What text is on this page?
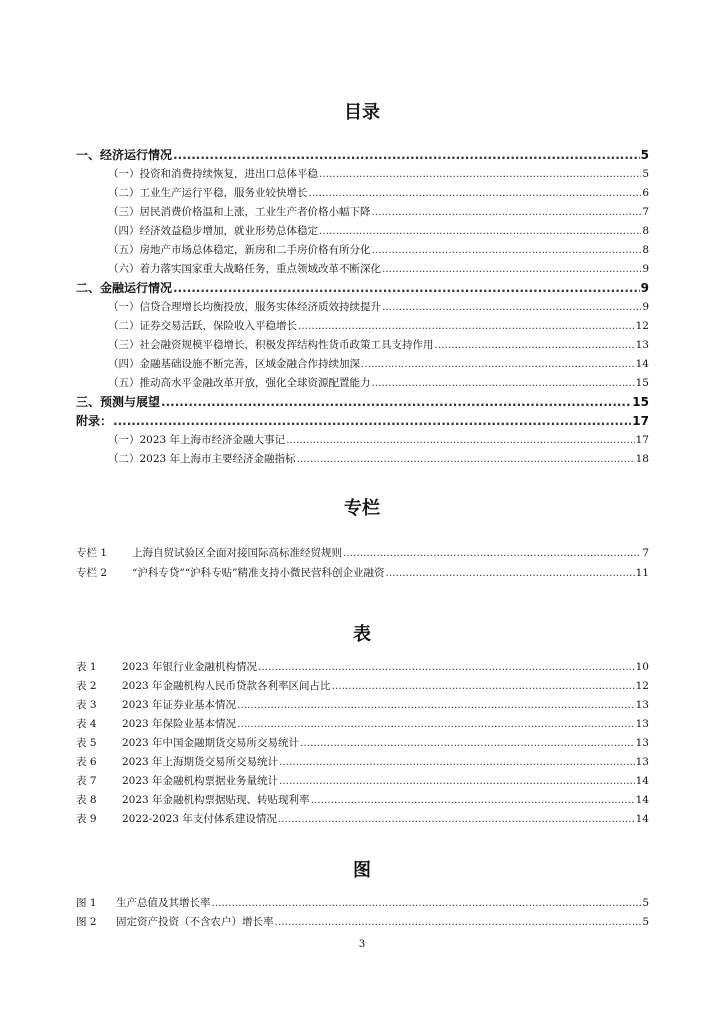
目录
一、经济运行情况 .....	5
（一）投资和消费持续恢复，进出口总体平稳 .....	5
（二）工业生产运行平稳，服务业较快增长 .....	6
（三）居民消费价格温和上涨，工业生产者价格小幅下降 .....	7
（四）经济效益稳步增加，就业形势总体稳定 .....	8
（五）房地产市场总体稳定，新房和二手房价格有所分化 .....	8
（六）着力落实国家重大战略任务，重点领域改革不断深化 .....	9
二、金融运行情况 .....	9
（一）信贷合理增长均衡投放，服务实体经济质效持续提升 .....	9
（二）证券交易活跃，保险收入平稳增长 .....	12
（三）社会融资规模平稳增长，积极发挥结构性货币政策工具支持作用 .....	13
（四）金融基础设施不断完善，区域金融合作持续加深 .....	14
（五）推动高水平金融改革开放，强化全球资源配置能力 .....	15
三、预测与展望 .....	15
附录： .....	17
（一）2023 年上海市经济金融大事记 .....	17
（二）2023 年上海市主要经济金融指标 .....	18
专栏
专栏 1	上海自贸试验区全面对接国际高标准经贸规则 .....	7
专栏 2	“沪科专贷”“沪科专贴”精准支持小微民营科创企业融资 .....	11
表
表 1	2023 年银行业金融机构情况 .....	10
表 2	2023 年金融机构人民币贷款各利率区间占比 .....	12
表 3	2023 年证券业基本情况 .....	13
表 4	2023 年保险业基本情况 .....	13
表 5	2023 年中国金融期货交易所交易统计 .....	13
表 6	2023 年上海期货交易所交易统计 .....	13
表 7	2023 年金融机构票据业务量统计 .....	14
表 8	2023 年金融机构票据贴现、转贴现利率 .....	14
表 9	2022-2023 年支付体系建设情况 .....	14
图
图 1	生产总值及其增长率 .....	5
图 2	固定资产投资（不含农户）增长率 .....	5
3
